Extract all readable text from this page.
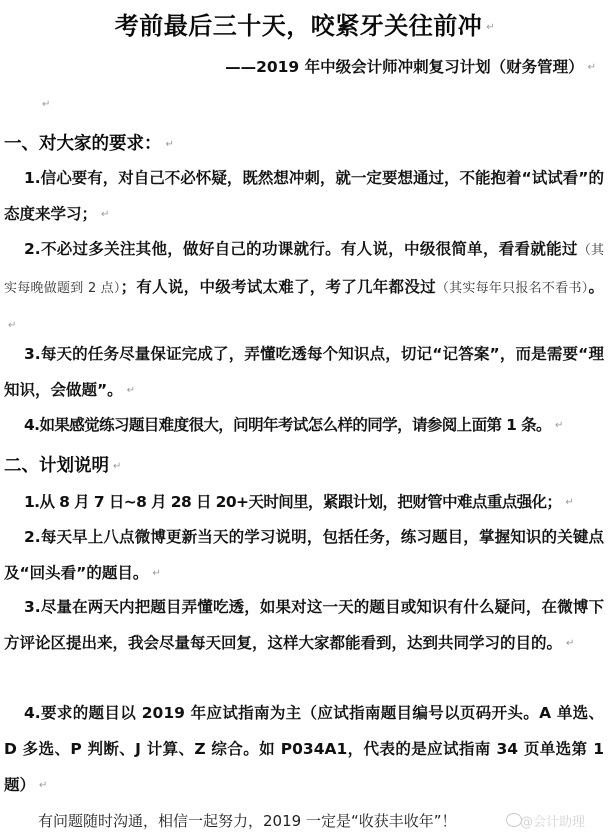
考前最后三十天，咬紧牙关往前冲 ↵
——2019 年中级会计师冲刺复习计划（财务管理） ↵
↵
一、对大家的要求： ↵
1.信心要有，对自己不必怀疑，既然想冲刺，就一定要想通过，不能抱着“试试看”的态度来学习； ↵
2.不必过多关注其他，做好自己的功课就行。有人说，中级很简单，看看就能过（其实每晚做题到 2 点）；有人说，中级考试太难了，考了几年都没过（其实每年只报名不看书）。↵
3.每天的任务尽量保证完成了，弄懂吃透每个知识点，切记“记答案”，而是需要“理知识，会做题”。 ↵
4.如果感觉练习题目难度很大，问明年考试怎么样的同学，请参阅上面第 1 条。 ↵
二、计划说明 ↵
1.从 8 月 7 日~8 月 28 日 20+天时间里，紧跟计划，把财管中难点重点强化； ↵
2.每天早上八点微博更新当天的学习说明，包括任务，练习题目，掌握知识的关键点及“回头看”的题目。 ↵
3.尽量在两天内把题目弄懂吃透，如果对这一天的题目或知识有什么疑问，在微博下方评论区提出来，我会尽量每天回复，这样大家都能看到，达到共同学习的目的。 ↵
4.要求的题目以 2019 年应试指南为主（应试指南题目编号以页码开头。A 单选、D 多选、P 判断、J 计算、Z 综合。如 P034A1，代表的是应试指南 34 页单选第 1 题） ↵
有问题随时沟通，相信一起努力，2019 一定是“收获丰收年”！	@会计助理
